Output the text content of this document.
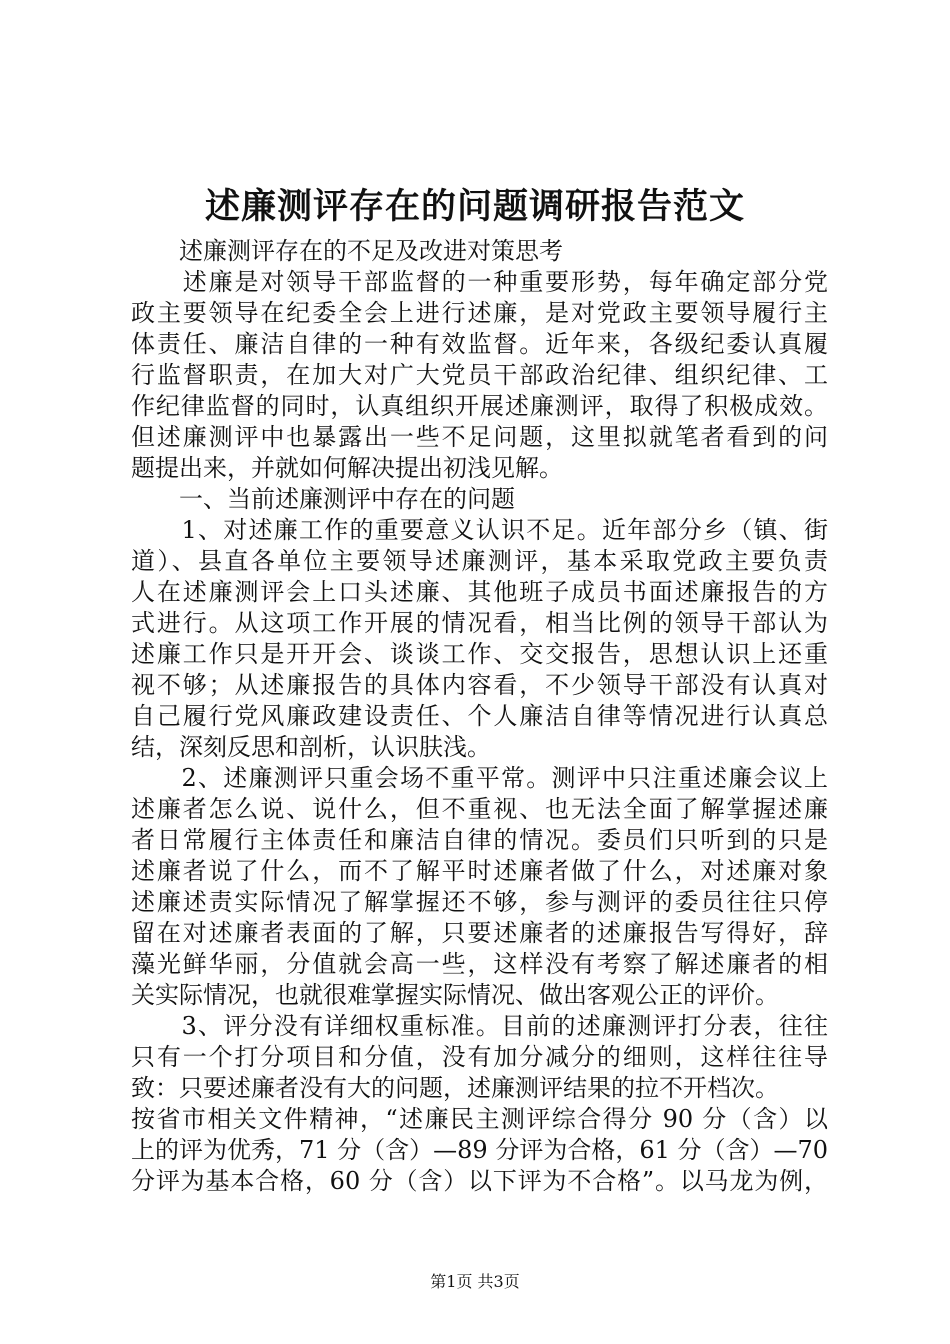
述廉测评存在的问题调研报告范文
　　述廉测评存在的不足及改进对策思考
　　述廉是对领导干部监督的一种重要形势，每年确定部分党
政主要领导在纪委全会上进行述廉，是对党政主要领导履行主
体责任、廉洁自律的一种有效监督。近年来，各级纪委认真履
行监督职责，在加大对广大党员干部政治纪律、组织纪律、工
作纪律监督的同时，认真组织开展述廉测评，取得了积极成效。
但述廉测评中也暴露出一些不足问题，这里拟就笔者看到的问
题提出来，并就如何解决提出初浅见解。
　　一、当前述廉测评中存在的问题
　　1、对述廉工作的重要意义认识不足。近年部分乡（镇、街
道）、县直各单位主要领导述廉测评，基本采取党政主要负责
人在述廉测评会上口头述廉、其他班子成员书面述廉报告的方
式进行。从这项工作开展的情况看，相当比例的领导干部认为
述廉工作只是开开会、谈谈工作、交交报告，思想认识上还重
视不够；从述廉报告的具体内容看，不少领导干部没有认真对
自己履行党风廉政建设责任、个人廉洁自律等情况进行认真总
结，深刻反思和剖析，认识肤浅。
　　2、述廉测评只重会场不重平常。测评中只注重述廉会议上
述廉者怎么说、说什么，但不重视、也无法全面了解掌握述廉
者日常履行主体责任和廉洁自律的情况。委员们只听到的只是
述廉者说了什么，而不了解平时述廉者做了什么，对述廉对象
述廉述责实际情况了解掌握还不够，参与测评的委员往往只停
留在对述廉者表面的了解，只要述廉者的述廉报告写得好，辞
藻光鲜华丽，分值就会高一些，这样没有考察了解述廉者的相
关实际情况，也就很难掌握实际情况、做出客观公正的评价。
　　3、评分没有详细权重标准。目前的述廉测评打分表，往往
只有一个打分项目和分值，没有加分减分的细则，这样往往导
致：只要述廉者没有大的问题，述廉测评结果的拉不开档次。
按省市相关文件精神，“述廉民主测评综合得分 90 分（含）以
上的评为优秀，71 分（含）—89 分评为合格，61 分（含）—70
分评为基本合格，60 分（含）以下评为不合格”。以马龙为例，
第1页 共3页
